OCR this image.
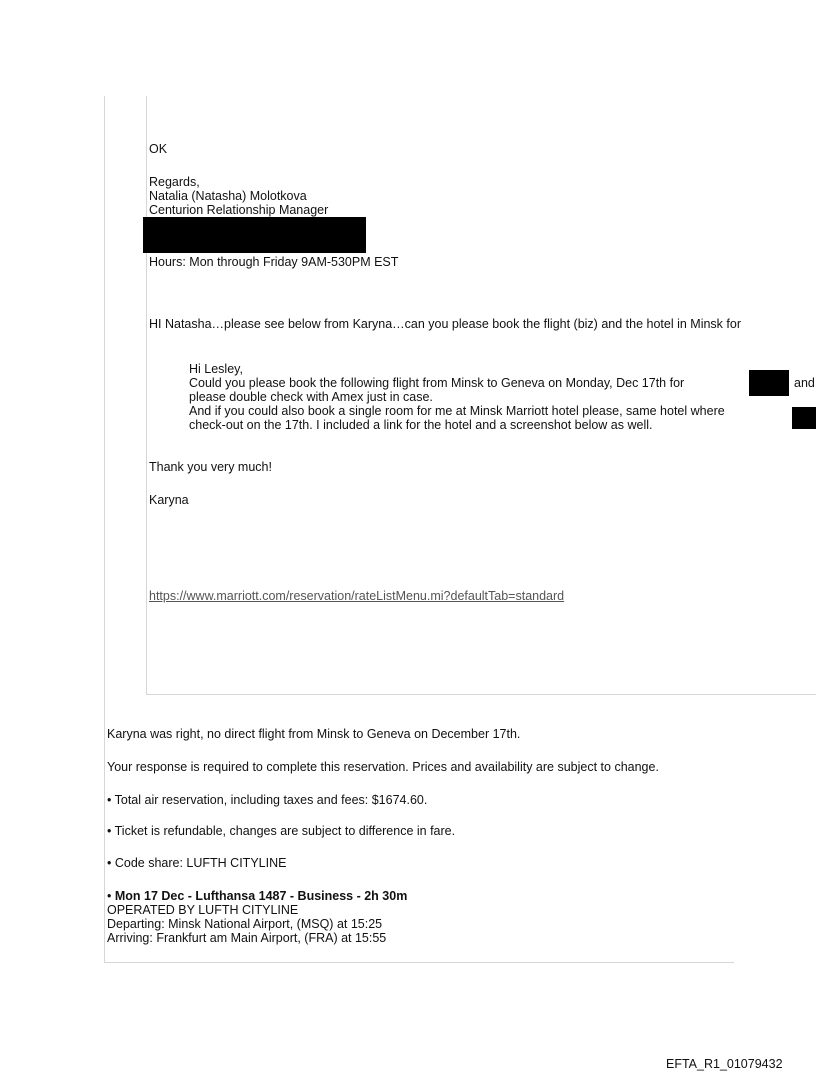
OK
Regards,
Natalia (Natasha) Molotkova
Centurion Relationship Manager
Hours: Mon through Friday 9AM-530PM EST
HI Natasha…please see below from Karyna…can you please book the flight (biz) and the hotel in Minsk for
Hi Lesley,
Could you please book the following flight from Minsk to Geneva on Monday, Dec 17th for	and
please double check with Amex just in case.
And if you could also book a single room for me at Minsk Marriott hotel please, same hotel where
check-out on the 17th. I included a link for the hotel and a screenshot below as well.
Thank you very much!
Karyna
https://www.marriott.com/reservation/rateListMenu.mi?defaultTab=standard
Karyna was right, no direct flight from Minsk to Geneva on December 17th.
Your response is required to complete this reservation. Prices and availability are subject to change.
• Total air reservation, including taxes and fees: $1674.60.
• Ticket is refundable, changes are subject to difference in fare.
• Code share: LUFTH CITYLINE
• Mon 17 Dec - Lufthansa 1487 - Business - 2h 30m
OPERATED BY LUFTH CITYLINE
Departing: Minsk National Airport, (MSQ) at 15:25
Arriving: Frankfurt am Main Airport, (FRA) at 15:55
EFTA_R1_01079432
